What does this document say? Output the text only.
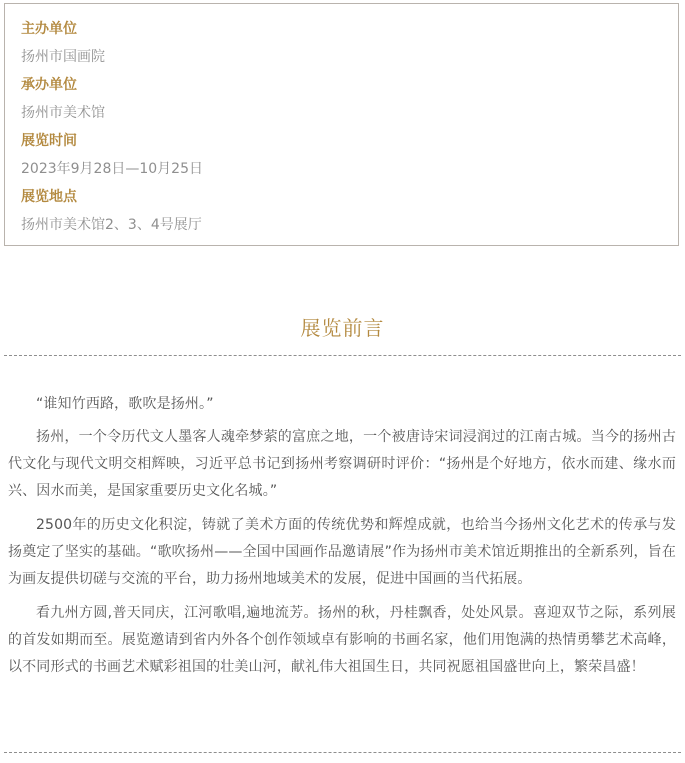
主办单位
扬州市国画院
承办单位
扬州市美术馆
展览时间
2023年9月28日—10月25日
展览地点
扬州市美术馆2、3、4号展厅
展览前言

“谁知竹西路，歌吹是扬州。”

扬州，一个令历代文人墨客人魂牵梦萦的富庶之地，一个被唐诗宋词浸润过的江南古城。当今的扬州古代文化与现代文明交相辉映，习近平总书记到扬州考察调研时评价：“扬州是个好地方，依水而建、缘水而兴、因水而美，是国家重要历史文化名城。”

2500年的历史文化积淀，铸就了美术方面的传统优势和辉煌成就，也给当今扬州文化艺术的传承与发扬奠定了坚实的基础。“歌吹扬州——全国中国画作品邀请展”作为扬州市美术馆近期推出的全新系列，旨在为画友提供切磋与交流的平台，助力扬州地域美术的发展，促进中国画的当代拓展。

看九州方圆,普天同庆，江河歌唱,遍地流芳。扬州的秋，丹桂飘香，处处风景。喜迎双节之际，系列展的首发如期而至。展览邀请到省内外各个创作领域卓有影响的书画名家，他们用饱满的热情勇攀艺术高峰，以不同形式的书画艺术赋彩祖国的壮美山河，献礼伟大祖国生日，共同祝愿祖国盛世向上，繁荣昌盛！
